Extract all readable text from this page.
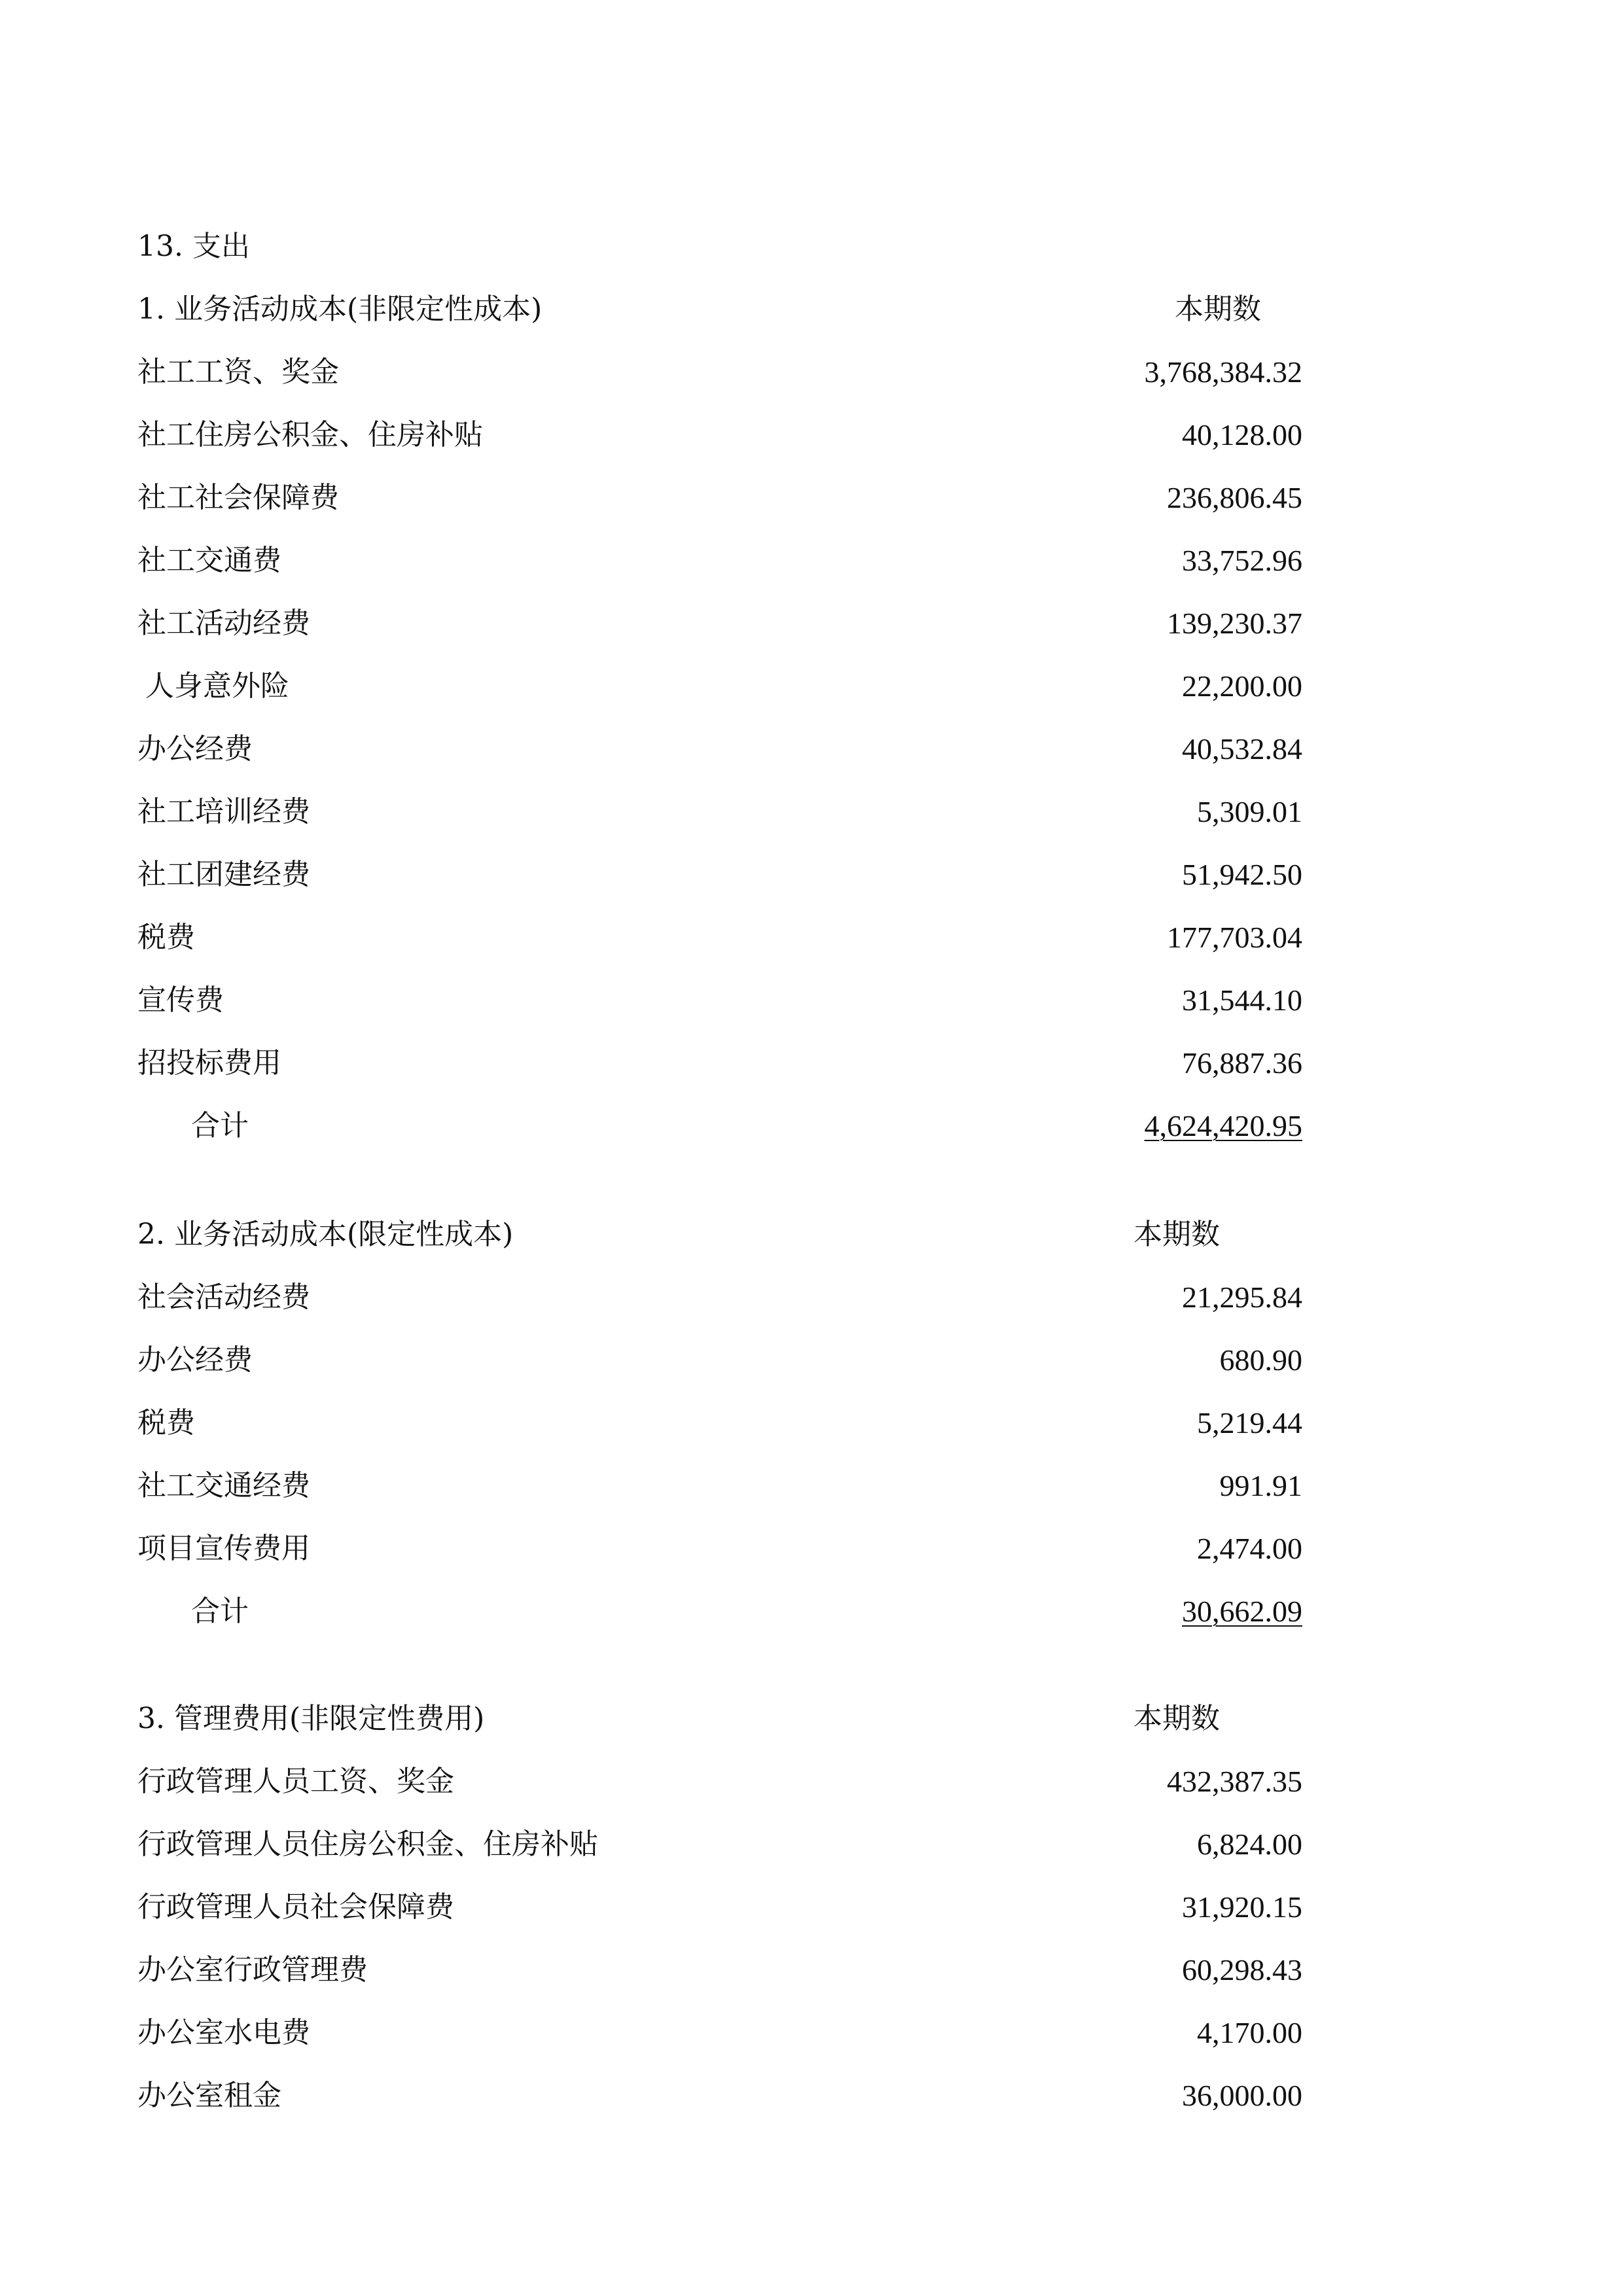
13. 支出
1. 业务活动成本(非限定性成本)	本期数
社工工资、奖金	3,768,384.32
社工住房公积金、住房补贴	40,128.00
社工社会保障费	236,806.45
社工交通费	33,752.96
社工活动经费	139,230.37
人身意外险	22,200.00
办公经费	40,532.84
社工培训经费	5,309.01
社工团建经费	51,942.50
税费	177,703.04
宣传费	31,544.10
招投标费用	76,887.36
合计	4,624,420.95
2. 业务活动成本(限定性成本)	本期数
社会活动经费	21,295.84
办公经费	680.90
税费	5,219.44
社工交通经费	991.91
项目宣传费用	2,474.00
合计	30,662.09
3. 管理费用(非限定性费用)	本期数
行政管理人员工资、奖金	432,387.35
行政管理人员住房公积金、住房补贴	6,824.00
行政管理人员社会保障费	31,920.15
办公室行政管理费	60,298.43
办公室水电费	4,170.00
办公室租金	36,000.00
